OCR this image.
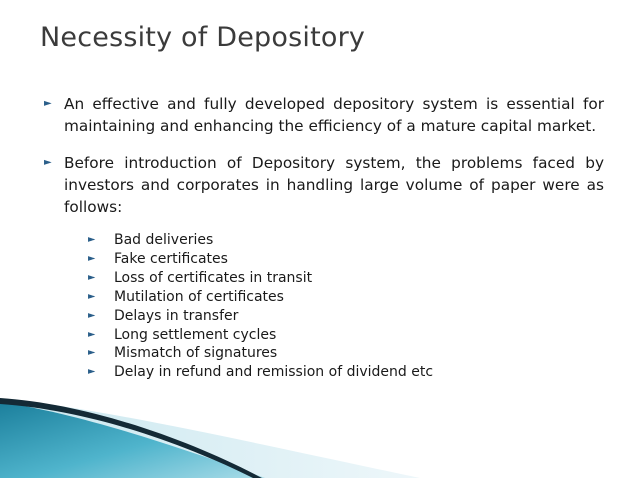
Necessity of Depository
► An effective and fully developed depository system is essential for maintaining and enhancing the efficiency of a mature capital market.
► Before introduction of Depository system, the problems faced by investors and corporates in handling large volume of paper were as follows:
► Bad deliveries
► Fake certificates
► Loss of certificates in transit
► Mutilation of certificates
► Delays in transfer
► Long settlement cycles
► Mismatch of signatures
► Delay in refund and remission of dividend etc
